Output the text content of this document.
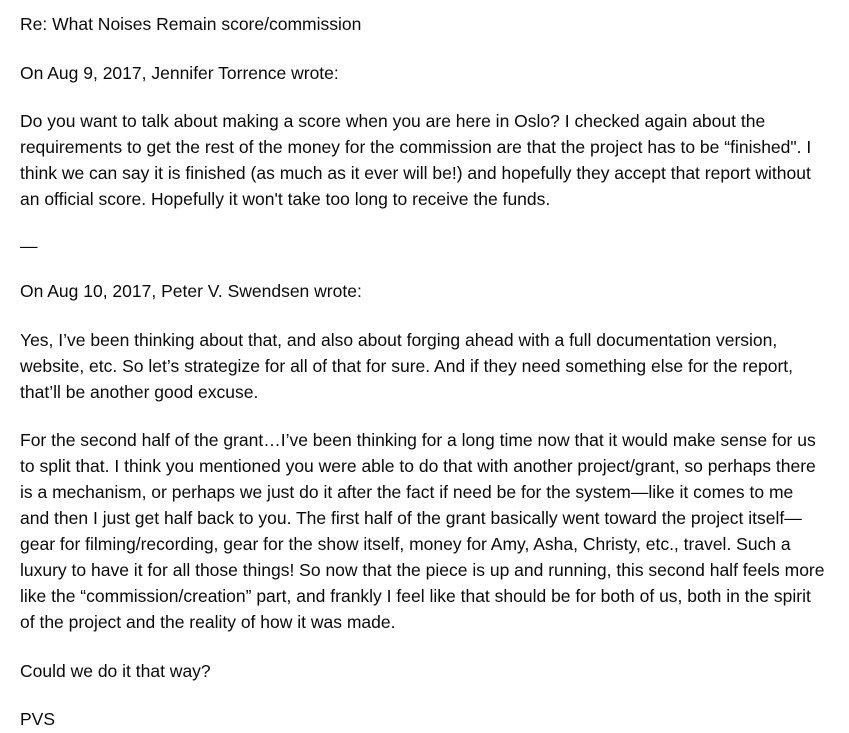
Re: What Noises Remain score/commission
On Aug 9, 2017, Jennifer Torrence wrote:
Do you want to talk about making a score when you are here in Oslo? I checked again about the requirements to get the rest of the money for the commission are that the project has to be “finished". I think we can say it is finished (as much as it ever will be!) and hopefully they accept that report without an official score. Hopefully it won't take too long to receive the funds.
—
On Aug 10, 2017, Peter V. Swendsen wrote:
Yes, I’ve been thinking about that, and also about forging ahead with a full documentation version, website, etc. So let’s strategize for all of that for sure. And if they need something else for the report, that’ll be another good excuse.
For the second half of the grant…I’ve been thinking for a long time now that it would make sense for us to split that. I think you mentioned you were able to do that with another project/grant, so perhaps there is a mechanism, or perhaps we just do it after the fact if need be for the system—like it comes to me and then I just get half back to you. The first half of the grant basically went toward the project itself—gear for filming/recording, gear for the show itself, money for Amy, Asha, Christy, etc., travel. Such a luxury to have it for all those things! So now that the piece is up and running, this second half feels more like the “commission/creation” part, and frankly I feel like that should be for both of us, both in the spirit of the project and the reality of how it was made.
Could we do it that way?
PVS
